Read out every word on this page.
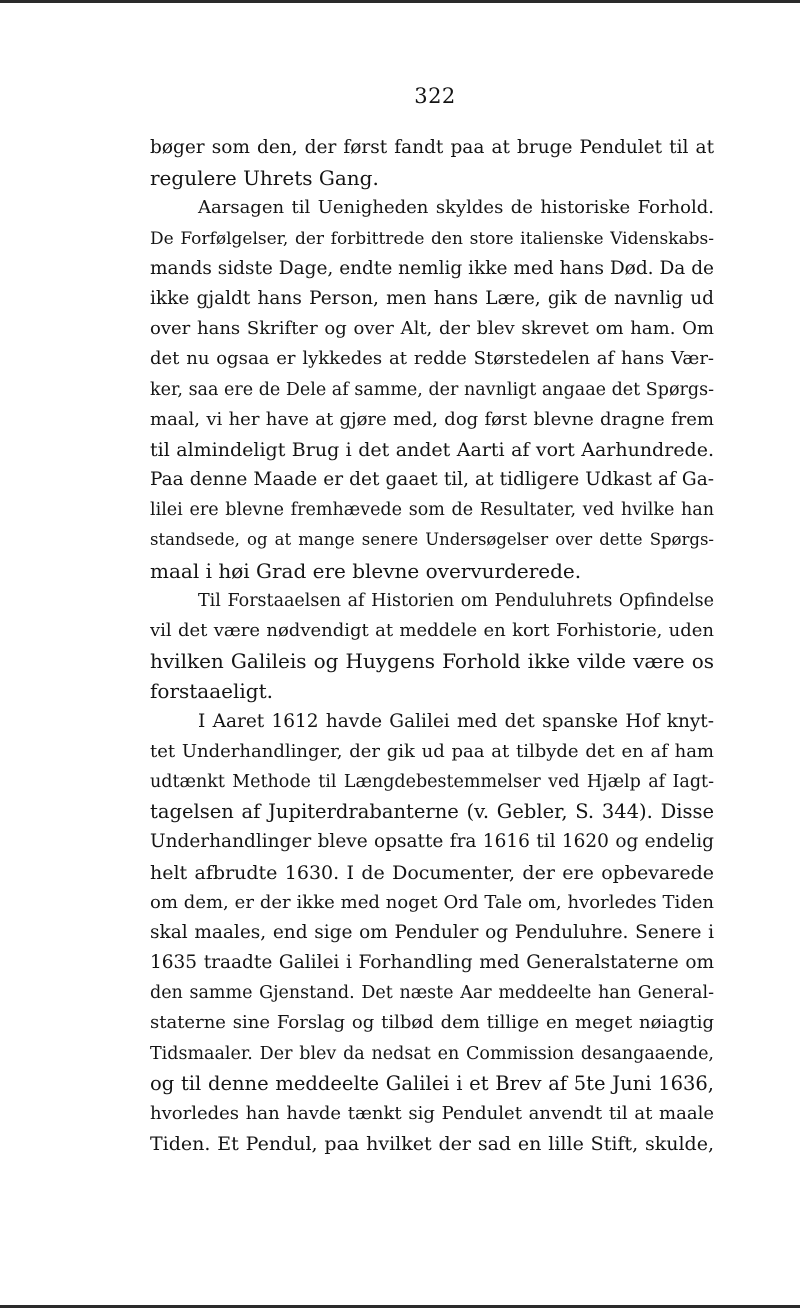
322
bøger som den, der først fandt paa at bruge Pendulet til at
regulere Uhrets Gang.
Aarsagen til Uenigheden skyldes de historiske Forhold.
De Forfølgelser, der forbittrede den store italienske Videnskabs-
mands sidste Dage, endte nemlig ikke med hans Død. Da de
ikke gjaldt hans Person, men hans Lære, gik de navnlig ud
over hans Skrifter og over Alt, der blev skrevet om ham. Om
det nu ogsaa er lykkedes at redde Størstedelen af hans Vær-
ker, saa ere de Dele af samme, der navnligt angaae det Spørgs-
maal, vi her have at gjøre med, dog først blevne dragne frem
til almindeligt Brug i det andet Aarti af vort Aarhundrede.
Paa denne Maade er det gaaet til, at tidligere Udkast af Ga-
lilei ere blevne fremhævede som de Resultater, ved hvilke han
standsede, og at mange senere Undersøgelser over dette Spørgs-
maal i høi Grad ere blevne overvurderede.
Til Forstaaelsen af Historien om Penduluhrets Opfindelse
vil det være nødvendigt at meddele en kort Forhistorie, uden
hvilken Galileis og Huygens Forhold ikke vilde være os
forstaaeligt.
I Aaret 1612 havde Galilei med det spanske Hof knyt-
tet Underhandlinger, der gik ud paa at tilbyde det en af ham
udtænkt Methode til Længdebestemmelser ved Hjælp af Iagt-
tagelsen af Jupiterdrabanterne (v. Gebler, S. 344). Disse
Underhandlinger bleve opsatte fra 1616 til 1620 og endelig
helt afbrudte 1630. I de Documenter, der ere opbevarede
om dem, er der ikke med noget Ord Tale om, hvorledes Tiden
skal maales, end sige om Penduler og Penduluhre. Senere i
1635 traadte Galilei i Forhandling med Generalstaterne om
den samme Gjenstand. Det næste Aar meddeelte han General-
staterne sine Forslag og tilbød dem tillige en meget nøiagtig
Tidsmaaler. Der blev da nedsat en Commission desangaaende,
og til denne meddeelte Galilei i et Brev af 5te Juni 1636,
hvorledes han havde tænkt sig Pendulet anvendt til at maale
Tiden. Et Pendul, paa hvilket der sad en lille Stift, skulde,
